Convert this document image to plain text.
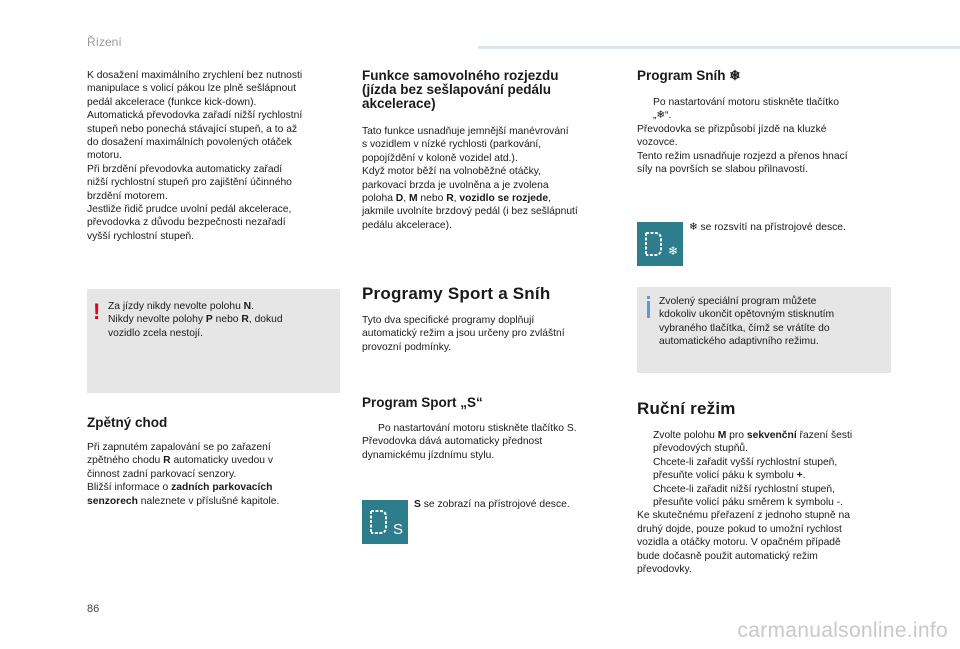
Řízení

K dosažení maximálního zrychlení bez nutnosti

manipulace s volicí pákou lze plně sešlápnout

pedál akcelerace (funkce kick-down).

Automatická převodovka zařadí nižší rychlostní

stupeň nebo ponechá stávající stupeň, a to až

do dosažení maximálních povolených otáček

motoru.

Při brzdění převodovka automaticky zařadí

nižší rychlostní stupeň pro zajištění účinného

brzdění motorem.

Jestliže řidič prudce uvolní pedál akcelerace,

převodovka z důvodu bezpečnosti nezařadí

vyšší rychlostní stupeň.

! Za jízdy nikdy nevolte polohu N.

Nikdy nevolte polohy P nebo R, dokud

vozidlo zcela nestojí.

Zpětný chod

Při zapnutém zapalování se po zařazení

zpětného chodu R automaticky uvedou v

činnost zadní parkovací senzory.

Bližší informace o zadních parkovacích

senzorech naleznete v příslušné kapitole.

Funkce samovolného rozjezdu
(jízda bez sešlapování pedálu
akcelerace)

Tato funkce usnadňuje jemnější manévrování

s vozidlem v nízké rychlosti (parkování,

popojíždění v koloně vozidel atd.).

Když motor běží na volnoběžné otáčky,

parkovací brzda je uvolněna a je zvolena

poloha D, M nebo R, vozidlo se rozjede,

jakmile uvolníte brzdový pedál (i bez sešlápnutí

pedálu akcelerace).

Programy Sport a Sníh

Tyto dva specifické programy doplňují

automatický režim a jsou určeny pro zvláštní

provozní podmínky.

Program Sport „S“

Po nastartování motoru stiskněte tlačítko S.

Převodovka dává automaticky přednost

dynamickému jízdnímu stylu.

S

S se zobrazí na přístrojové desce.

Program Sníh ❄

Po nastartování motoru stiskněte tlačítko

„❄“.

Převodovka se přizpůsobí jízdě na kluzké

vozovce.

Tento režim usnadňuje rozjezd a přenos hnací

síly na površích se slabou přilnavostí.

❄

❄ se rozsvítí na přístrojové desce.

Zvolený speciální program můžete

kdokoliv ukončit opětovným stisknutím

vybraného tlačítka, čímž se vrátíte do

automatického adaptivního režimu.

Ruční režim

Zvolte polohu M pro sekvenční řazení šesti

převodových stupňů.

Chcete-li zařadit vyšší rychlostní stupeň,

přesuňte volicí páku k symbolu +.

Chcete-li zařadit nižší rychlostní stupeň,

přesuňte volicí páku směrem k symbolu -.

Ke skutečnému přeřazení z jednoho stupně na

druhý dojde, pouze pokud to umožní rychlost

vozidla a otáčky motoru. V opačném případě

bude dočasně použit automatický režim

převodovky.

86
carmanualsonline.info
